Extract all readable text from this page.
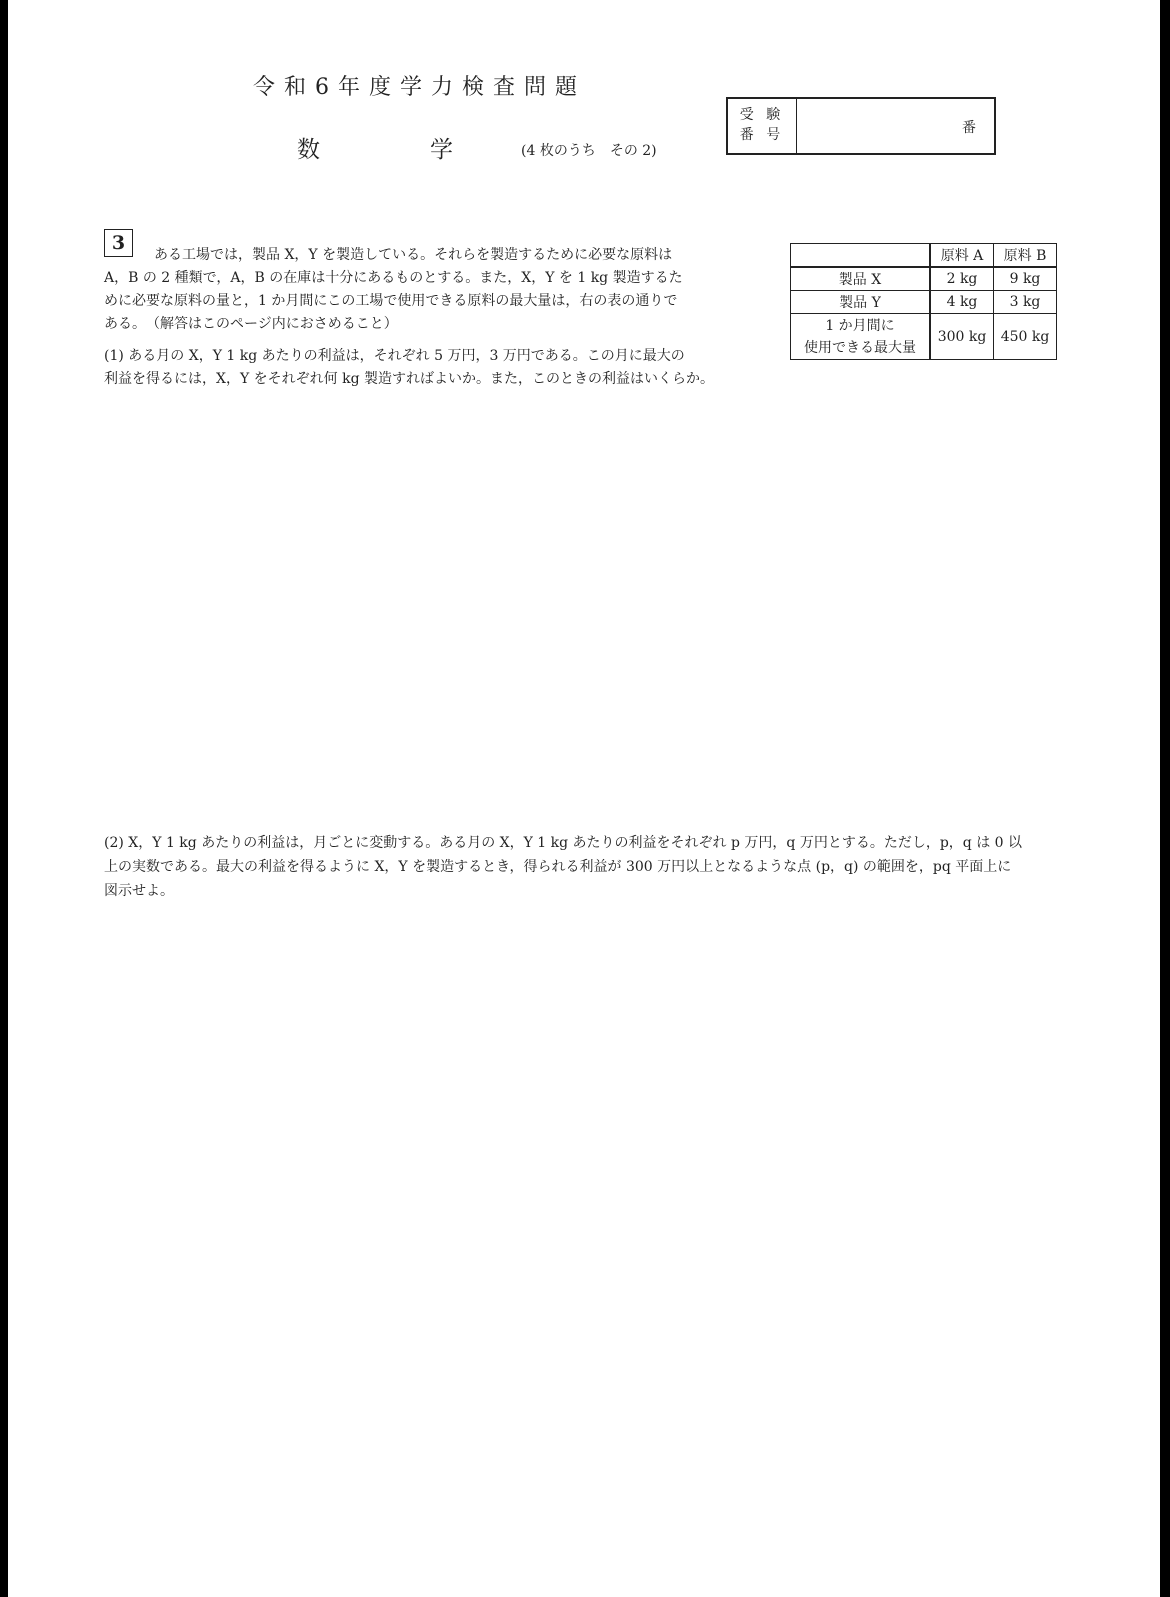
令和6年度学力検査問題
数	学	(4 枚のうち　その 2)
受 験
番 号	番
3
ある工場では，製品 X，Y を製造している。それらを製造するために必要な原料は
A，B の 2 種類で，A，B の在庫は十分にあるものとする。また，X，Y を 1 kg 製造するた
めに必要な原料の量と，1 か月間にこの工場で使用できる原料の最大量は，右の表の通りで
ある。　（解答はこのページ内におさめること）
(1) ある月の X，Y 1 kg あたりの利益は，それぞれ 5 万円，3 万円である。この月に最大の
利益を得るには，X，Y をそれぞれ何 kg 製造すればよいか。また，このときの利益はいくらか。
	原料 A	原料 B
製品 X	2 kg	9 kg
製品 Y	4 kg	3 kg

1 か月間に
使用できる最大量	300 kg	450 kg
(2) X，Y 1 kg あたりの利益は，月ごとに変動する。ある月の X，Y 1 kg あたりの利益をそれぞれ p 万円，q 万円とする。ただし，p，q は 0 以
上の実数である。最大の利益を得るように X，Y を製造するとき，得られる利益が 300 万円以上となるような点 (p，q) の範囲を，pq 平面上に
図示せよ。
